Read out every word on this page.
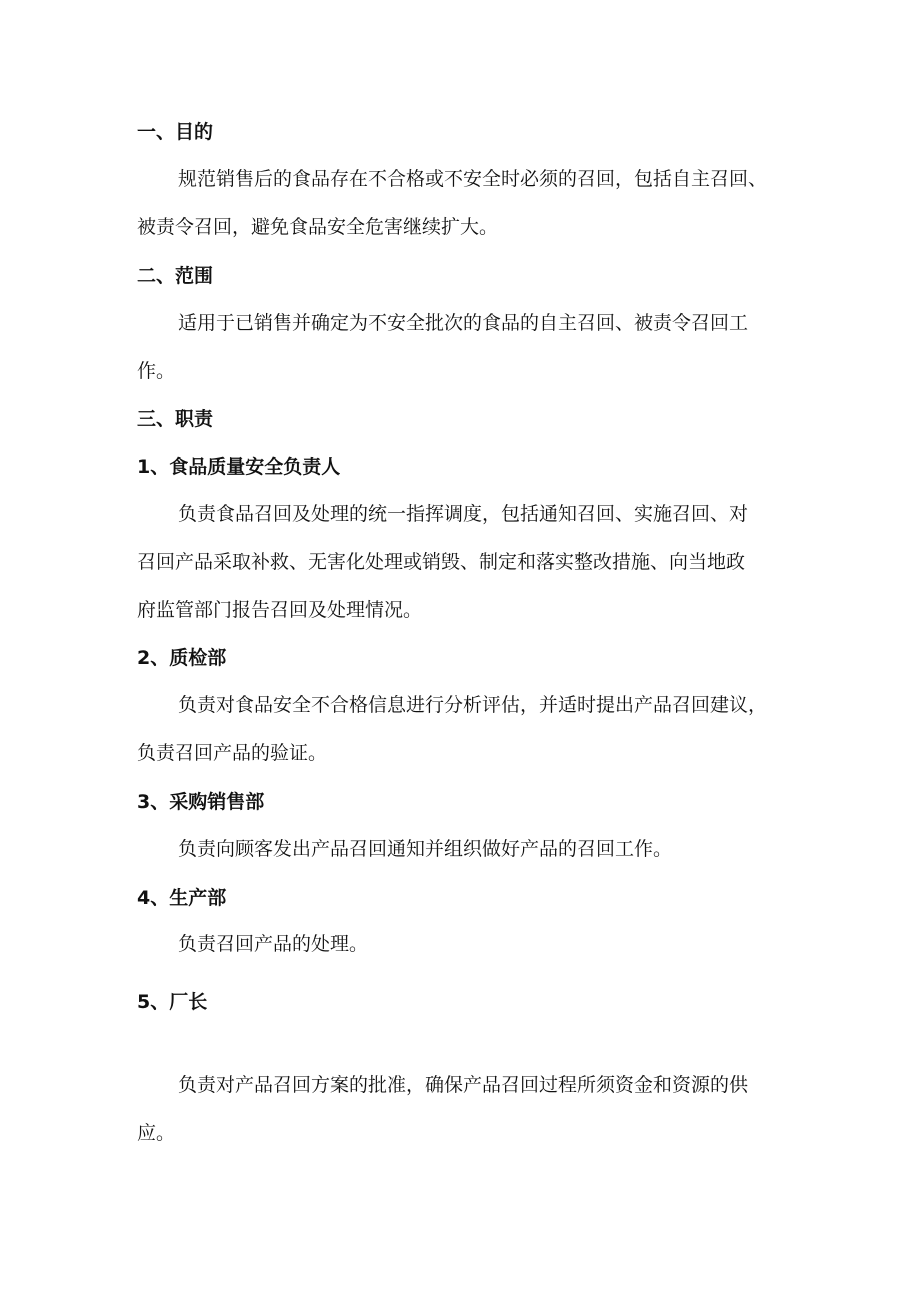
一、目的
规范销售后的食品存在不合格或不安全时必须的召回，包括自主召回、
被责令召回，避免食品安全危害继续扩大。
二、范围
适用于已销售并确定为不安全批次的食品的自主召回、被责令召回工
作。
三、职责
1、食品质量安全负责人
负责食品召回及处理的统一指挥调度，包括通知召回、实施召回、对
召回产品采取补救、无害化处理或销毁、制定和落实整改措施、向当地政
府监管部门报告召回及处理情况。
2、质检部
负责对食品安全不合格信息进行分析评估，并适时提出产品召回建议，
负责召回产品的验证。
3、采购销售部
负责向顾客发出产品召回通知并组织做好产品的召回工作。
4、生产部
负责召回产品的处理。
5、厂长
负责对产品召回方案的批准，确保产品召回过程所须资金和资源的供
应。
